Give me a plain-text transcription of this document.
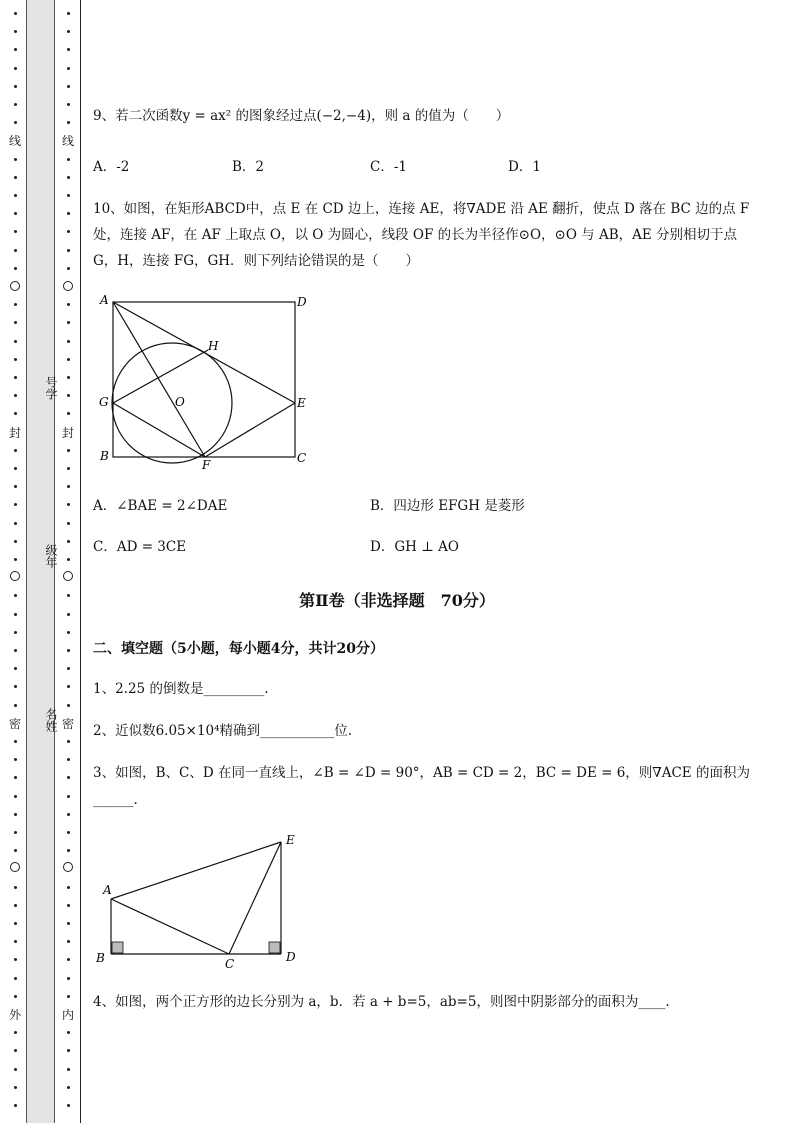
线
封
密
外
号学
级年
名姓
线
封
密
内
9、若二次函数y = ax² 的图象经过点(−2,−4)，则 a 的值为（　　）
A．-2	B．2	C．-1	D．1
10、如图，在矩形ABCD中，点 E 在 CD 边上，连接 AE，将∇ADE 沿 AE 翻折，使点 D 落在 BC 边的点 F
处，连接 AF，在 AF 上取点 O，以 O 为圆心，线段 OF 的长为半径作⊙O，⊙O 与 AB，AE 分别相切于点
G，H，连接 FG，GH．则下列结论错误的是（　　）
A	D
H
G	O	E
B
F	C
A．∠BAE = 2∠DAE	B．四边形 EFGH 是菱形
C．AD = 3CE	D．GH ⊥ AO
第Ⅱ卷（非选择题　70分）
二、填空题（5小题，每小题4分，共计20分）
1、2.25 的倒数是_________.
2、近似数6.05×10⁴精确到___________位.
3、如图，B、C、D 在同一直线上，∠B = ∠D = 90°，AB = CD = 2，BC = DE = 6，则∇ACE 的面积为
______.
A
B	C	D
E
4、如图，两个正方形的边长分别为 a，b．若 a + b=5，ab=5，则图中阴影部分的面积为____.
